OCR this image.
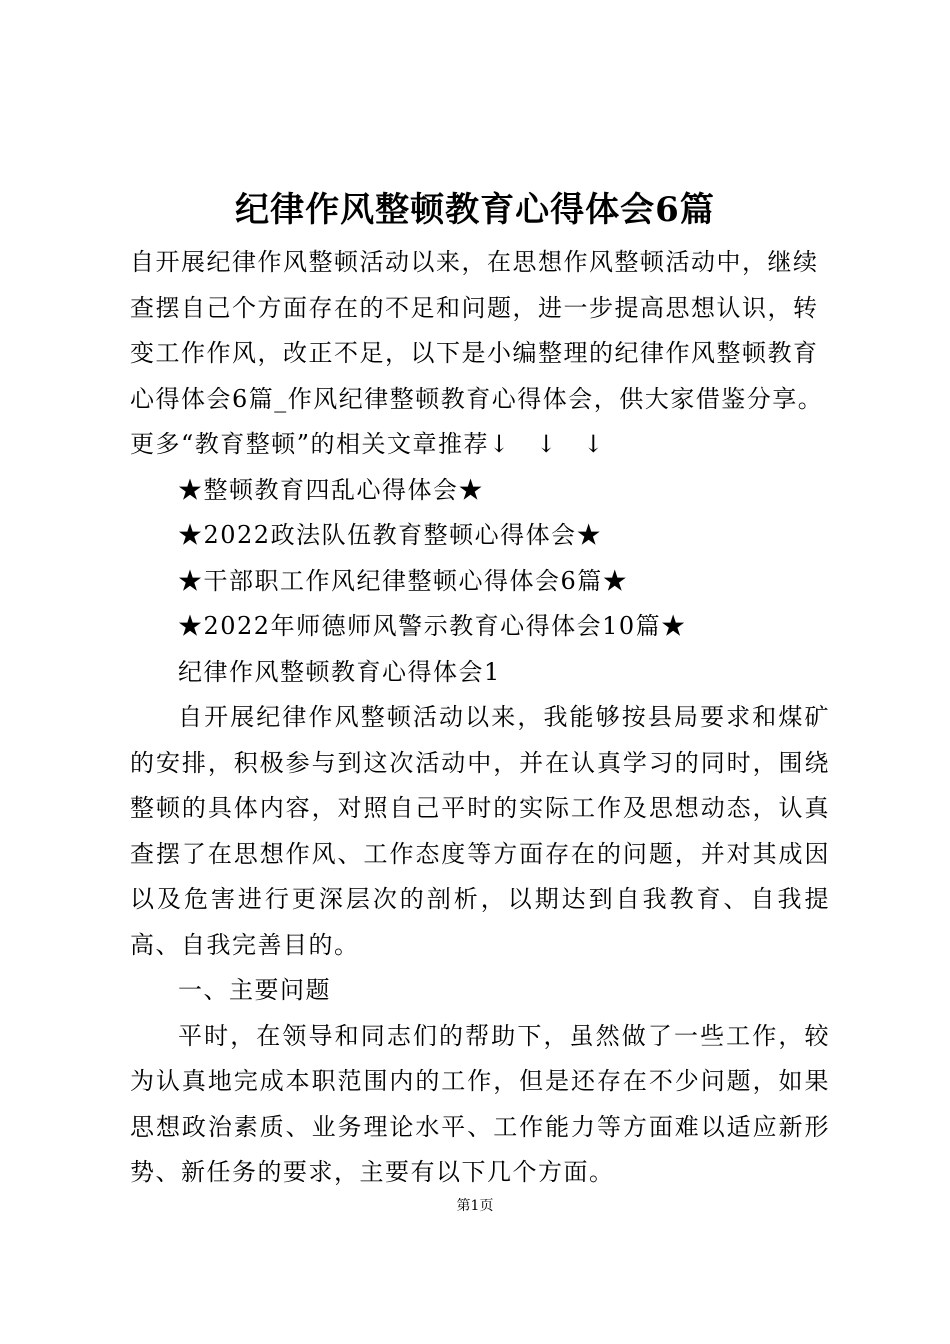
纪律作风整顿教育心得体会6篇

自开展纪律作风整顿活动以来，在思想作风整顿活动中，继续

查摆自己个方面存在的不足和问题，进一步提高思想认识，转

变工作作风，改正不足，以下是小编整理的纪律作风整顿教育

心得体会6篇_作风纪律整顿教育心得体会，供大家借鉴分享。

更多“教育整顿”的相关文章推荐↓　↓　↓

★整顿教育四乱心得体会★

★2022政法队伍教育整顿心得体会★

★干部职工作风纪律整顿心得体会6篇★

★2022年师德师风警示教育心得体会10篇★

纪律作风整顿教育心得体会1

自开展纪律作风整顿活动以来，我能够按县局要求和煤矿的安排，积极参与到这次活动中，并在认真学习的同时，围绕整顿的具体内容，对照自己平时的实际工作及思想动态，认真查摆了在思想作风、工作态度等方面存在的问题，并对其成因以及危害进行更深层次的剖析，以期达到自我教育、自我提高、自我完善目的。

一、主要问题

平时，在领导和同志们的帮助下，虽然做了一些工作，较为认真地完成本职范围内的工作，但是还存在不少问题，如果思想政治素质、业务理论水平、工作能力等方面难以适应新形势、新任务的要求，主要有以下几个方面。

第1页
